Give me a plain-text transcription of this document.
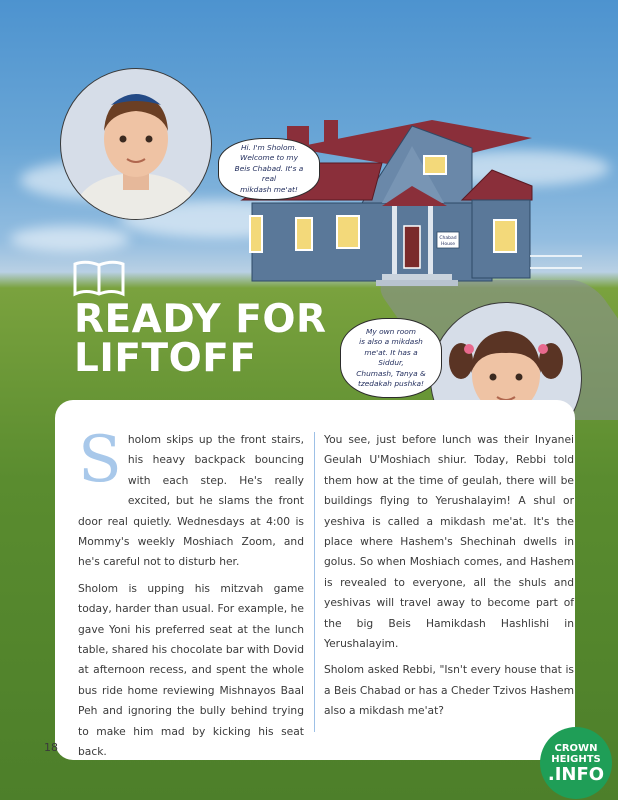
Chabad
House
Hi. I'm Sholom.
Welcome to my
Beis Chabad. It's a real
mikdash me'at!
My own room
is also a mikdash
me'at. It has a Siddur,
Chumash, Tanya &
tzedakah pushka!
READY FOR
LIFTOFF

Sholom skips up the front stairs, his heavy backpack bouncing with each step. He's really excited, but he slams the front door real quietly. Wednesdays at 4:00 is Mommy's weekly Moshiach Zoom, and he's careful not to disturb her.

Sholom is upping his mitzvah game today, harder than usual. For example, he gave Yoni his preferred seat at the lunch table, shared his chocolate bar with Dovid at afternoon recess, and spent the whole bus ride home reviewing Mishnayos Baal Peh and ignoring the bully behind trying to make him mad by kicking his seat back.

You see, just before lunch was their Inyanei Geulah U'Moshiach shiur. Today, Rebbi told them how at the time of geulah, there will be buildings flying to Yerushalayim! A shul or yeshiva is called a mikdash me'at. It's the place where Hashem's Shechinah dwells in golus. So when Moshiach comes, and Hashem is revealed to everyone, all the shuls and yeshivas will travel away to become part of the big Beis Hamikdash Hashlishi in Yerushalayim.

Sholom asked Rebbi, "Isn't every house that is a Beis Chabad or has a Cheder Tzivos Hashem also a mikdash me'at?

18	CROWN
HEIGHTS
.INFO
